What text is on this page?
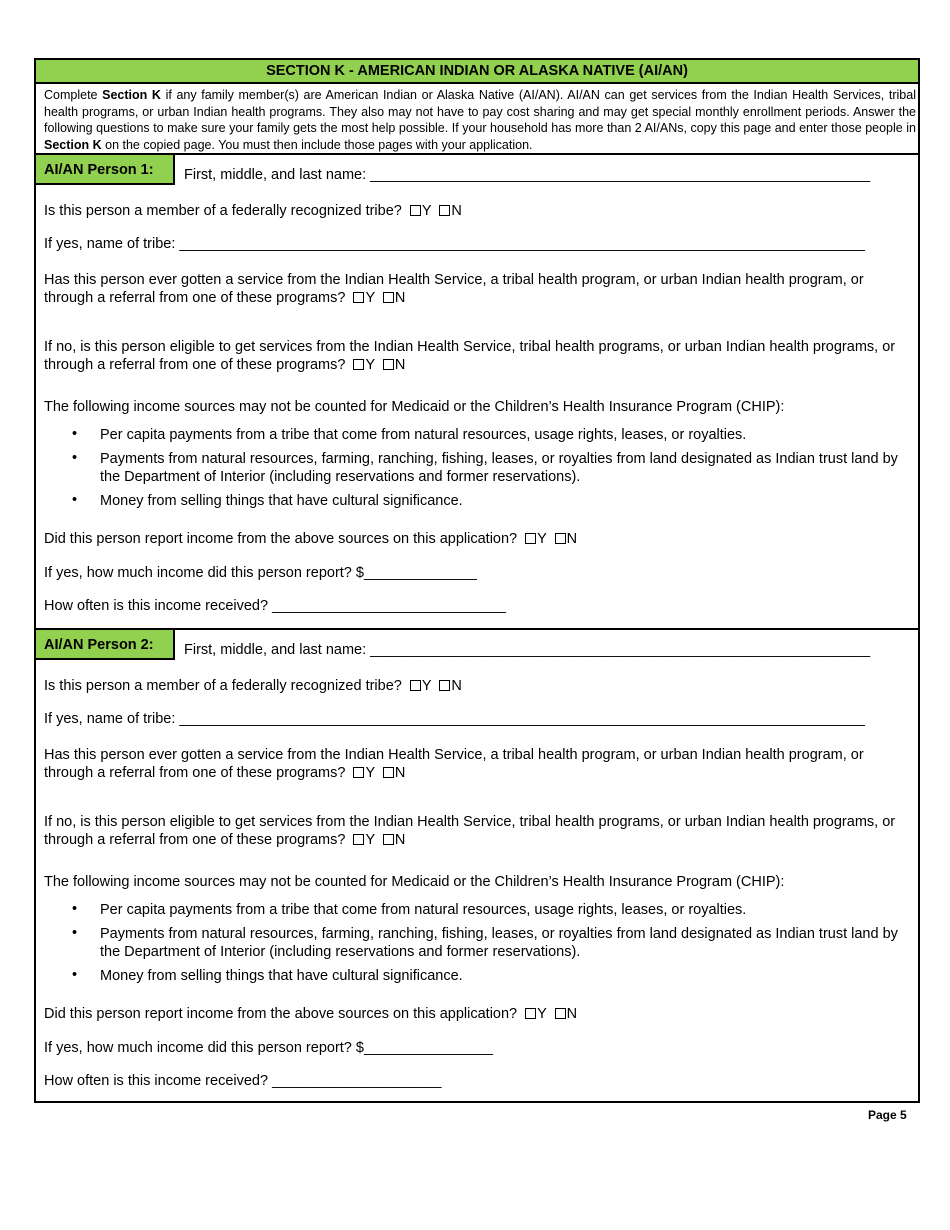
SECTION K - AMERICAN INDIAN OR ALASKA NATIVE (AI/AN)
Complete Section K if any family member(s) are American Indian or Alaska Native (AI/AN). AI/AN can get services from the Indian Health Services, tribal health programs, or urban Indian health programs. They also may not have to pay cost sharing and may get special monthly enrollment periods. Answer the following questions to make sure your family gets the most help possible. If your household has more than 2 AI/ANs, copy this page and enter those people in Section K on the copied page. You must then include those pages with your application.
AI/AN Person 1:	First, middle, and last name: ______________________________________________________________
Is this person a member of a federally recognized tribe? Y N
If yes, name of tribe: _____________________________________________________________________________________
Has this person ever gotten a service from the Indian Health Service, a tribal health program, or urban Indian health program, or through a referral from one of these programs? Y N
If no, is this person eligible to get services from the Indian Health Service, tribal health programs, or urban Indian health programs, or through a referral from one of these programs? Y N
The following income sources may not be counted for Medicaid or the Children’s Health Insurance Program (CHIP):
• Per capita payments from a tribe that come from natural resources, usage rights, leases, or royalties.
• Payments from natural resources, farming, ranching, fishing, leases, or royalties from land designated as Indian trust land by the Department of Interior (including reservations and former reservations).
• Money from selling things that have cultural significance.
Did this person report income from the above sources on this application? Y N
If yes, how much income did this person report? $______________
How often is this income received? _____________________________
AI/AN Person 2:	First, middle, and last name: ______________________________________________________________
Is this person a member of a federally recognized tribe? Y N
If yes, name of tribe: _____________________________________________________________________________________
Has this person ever gotten a service from the Indian Health Service, a tribal health program, or urban Indian health program, or through a referral from one of these programs? Y N
If no, is this person eligible to get services from the Indian Health Service, tribal health programs, or urban Indian health programs, or through a referral from one of these programs? Y N
The following income sources may not be counted for Medicaid or the Children’s Health Insurance Program (CHIP):
• Per capita payments from a tribe that come from natural resources, usage rights, leases, or royalties.
• Payments from natural resources, farming, ranching, fishing, leases, or royalties from land designated as Indian trust land by the Department of Interior (including reservations and former reservations).
• Money from selling things that have cultural significance.
Did this person report income from the above sources on this application? Y N
If yes, how much income did this person report? $________________
How often is this income received? _____________________
Page 5
